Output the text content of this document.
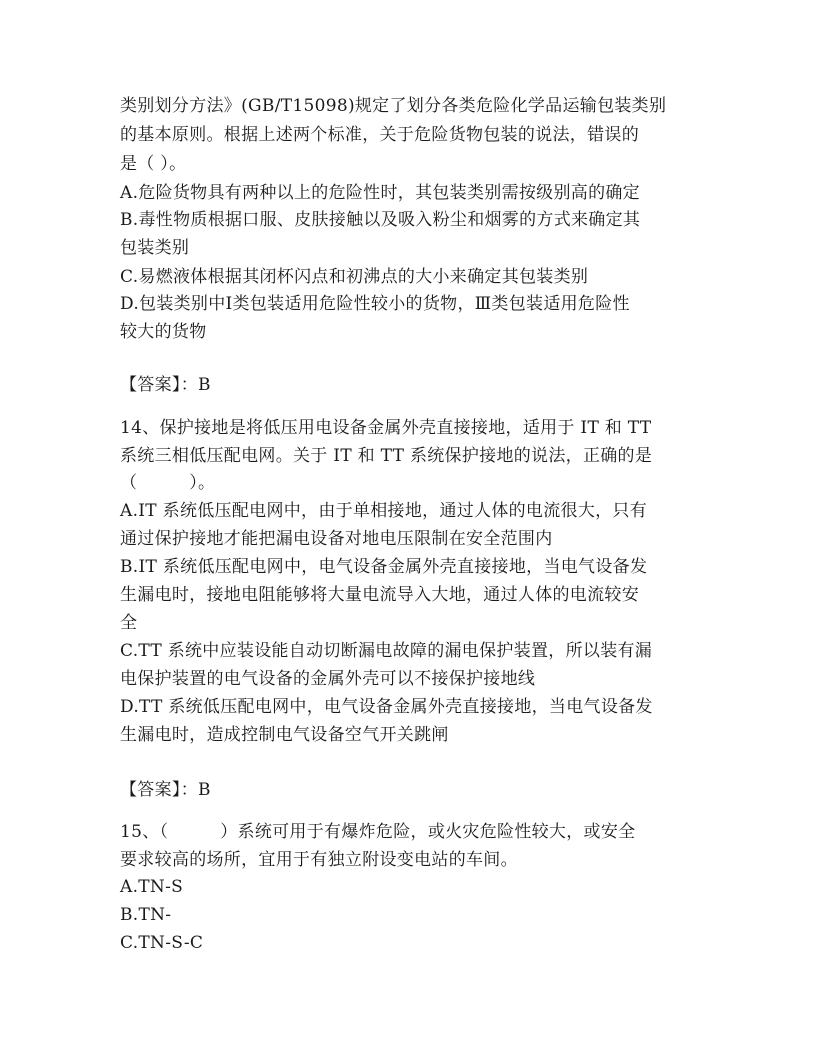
类别划分方法》(GB/T15098)规定了划分各类危险化学品运输包装类别
的基本原则。根据上述两个标准，关于危险货物包装的说法，错误的
是（ ）。
A.危险货物具有两种以上的危险性时，其包装类别需按级别高的确定
B.毒性物质根据口服、皮肤接触以及吸入粉尘和烟雾的方式来确定其
包装类别
C.易燃液体根据其闭杯闪点和初沸点的大小来确定其包装类别
D.包装类别中Ⅰ类包装适用危险性较小的货物，Ⅲ类包装适用危险性
较大的货物
【答案】：B
14、保护接地是将低压用电设备金属外壳直接接地，适用于 IT 和 TT
系统三相低压配电网。关于 IT 和 TT 系统保护接地的说法，正确的是
（　　　）。
A.IT 系统低压配电网中，由于单相接地，通过人体的电流很大，只有
通过保护接地才能把漏电设备对地电压限制在安全范围内
B.IT 系统低压配电网中，电气设备金属外壳直接接地，当电气设备发
生漏电时，接地电阻能够将大量电流导入大地，通过人体的电流较安
全
C.TT 系统中应装设能自动切断漏电故障的漏电保护装置，所以装有漏
电保护装置的电气设备的金属外壳可以不接保护接地线
D.TT 系统低压配电网中，电气设备金属外壳直接接地，当电气设备发
生漏电时，造成控制电气设备空气开关跳闸
【答案】：B
15、（　　　）系统可用于有爆炸危险，或火灾危险性较大，或安全
要求较高的场所，宜用于有独立附设变电站的车间。
A.TN-S
B.TN-
C.TN-S-C
